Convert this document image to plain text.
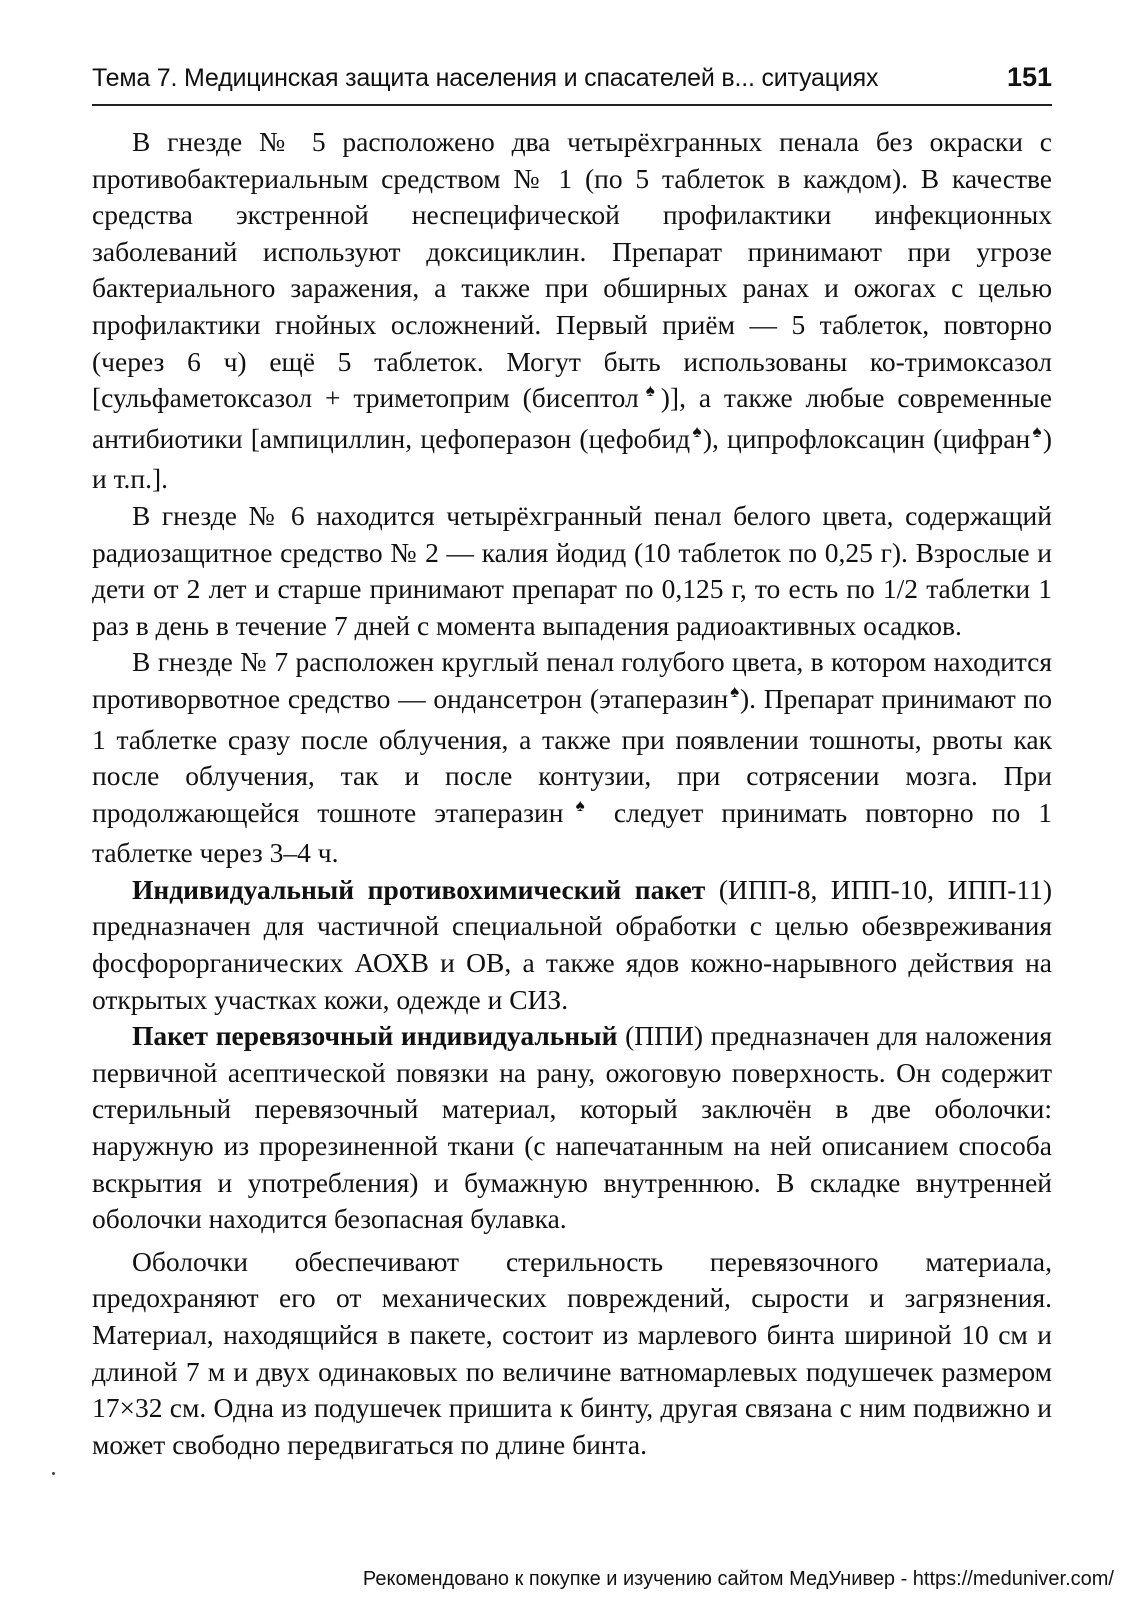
Тема 7. Медицинская защита населения и спасателей в... ситуациях	151

В гнезде № 5 расположено два четырёхгранных пенала без окраски с противобактериальным средством № 1 (по 5 таблеток в каждом). В качестве средства экстренной неспецифической профилактики инфекционных заболеваний используют доксициклин. Препарат принимают при угрозе бактериального заражения, а также при обширных ранах и ожогах с целью профилактики гнойных осложнений. Первый приём — 5 таблеток, повторно (через 6 ч) ещё 5 таблеток. Могут быть использованы ко-тримоксазол [сульфаметоксазол + триметоприм (бисептол♠)], а также любые современные антибиотики [ампициллин, цефоперазон (цефобид♠), ципрофлоксацин (цифран♠) и т.п.].

В гнезде № 6 находится четырёхгранный пенал белого цвета, содержащий радиозащитное средство № 2 — калия йодид (10 таблеток по 0,25 г). Взрослые и дети от 2 лет и старше принимают препарат по 0,125 г, то есть по 1/2 таблетки 1 раз в день в течение 7 дней с момента выпадения радиоактивных осадков.

В гнезде № 7 расположен круглый пенал голубого цвета, в котором находится противорвотное средство — ондансетрон (этаперазин♠). Препарат принимают по 1 таблетке сразу после облучения, а также при появлении тошноты, рвоты как после облучения, так и после контузии, при сотрясении мозга. При продолжающейся тошноте этаперазин♠ следует принимать повторно по 1 таблетке через 3–4 ч.

Индивидуальный противохимический пакет (ИПП-8, ИПП-10, ИПП-11) предназначен для частичной специальной обработки с целью обезвреживания фосфорорганических АОХВ и ОВ, а также ядов кожно-нарывного действия на открытых участках кожи, одежде и СИЗ.

Пакет перевязочный индивидуальный (ППИ) предназначен для наложения первичной асептической повязки на рану, ожоговую поверхность. Он содержит стерильный перевязочный материал, который заключён в две оболочки: наружную из прорезиненной ткани (с напечатанным на ней описанием способа вскрытия и употребления) и бумажную внутреннюю. В складке внутренней оболочки находится безопасная булавка.

Оболочки обеспечивают стерильность перевязочного материала, предохраняют его от механических повреждений, сырости и загрязнения. Материал, находящийся в пакете, состоит из марлевого бинта шириной 10 см и длиной 7 м и двух одинаковых по величине ватномарлевых подушечек размером 17×32 см. Одна из подушечек пришита к бинту, другая связана с ним подвижно и может свободно передвигаться по длине бинта.

Рекомендовано к покупке и изучению сайтом МедУнивер - https://meduniver.com/
